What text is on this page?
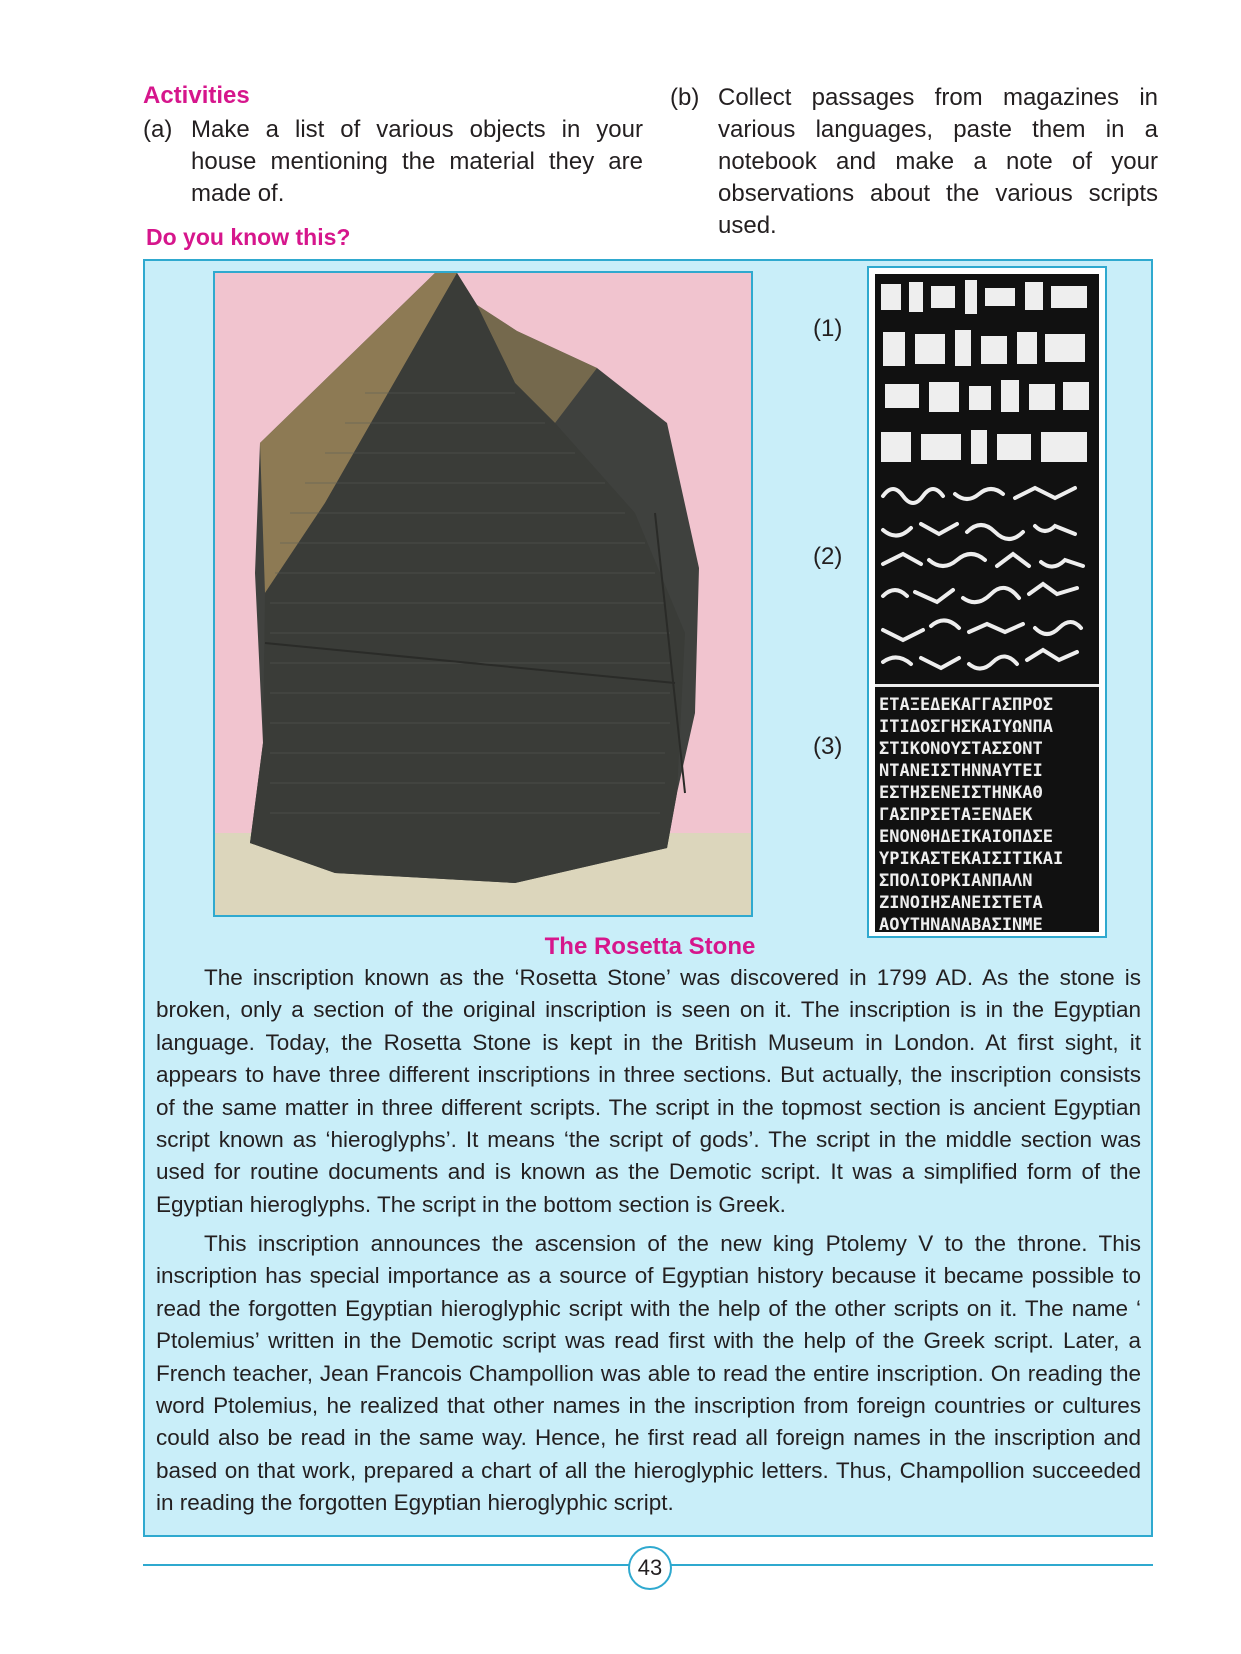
Activities
(a) Make a list of various objects in your house mentioning the material they are made of.
(b) Collect passages from magazines in various languages, paste them in a notebook and make a note of your observations about the various scripts used.
Do you know this?
ΕΤΑΞΕΔΕΚΑΓΓΑΣΠΡΟΣ
ΙΤΙΔΟΣΓΗΣΚΑΙΥΩΝΠΑ
ΣΤΙΚΟΝΟΥΣΤΑΣΣΟΝΤ
ΝΤΑΝΕΙΣΤΗΝΝΑΥΤΕΙ
ΕΣΤΗΣΕΝΕΙΣΤΗΝΚΑΘ
ΓΑΣΠΡΣΕΤΑΞΕΝΔΕΚ
ΕΝΟΝΘΗΔΕΙΚΑΙΟΠΔΣΕ
ΥΡΙΚΑΣΤΕΚΑΙΣΙΤΙΚΑΙ
ΣΠΟΛΙΟΡΚΙΑΝΠΑΛΝ
ΖΙΝΟΙΗΣΑΝΕΙΣΤΕΤΑ
ΑΟΥΤΗΝΑΝΑΒΑΣΙΝΜΕ
(1)
(2)
(3)
The Rosetta Stone

The inscription known as the ‘Rosetta Stone’ was discovered in 1799 AD. As the stone is broken, only a section of the original inscription is seen on it. The inscription is in the Egyptian language. Today, the Rosetta Stone is kept in the British Museum in London. At first sight, it appears to have three different inscriptions in three sections. But actually, the inscription consists of the same matter in three different scripts. The script in the topmost section is ancient Egyptian script known as ‘hieroglyphs’. It means ‘the script of gods’. The script in the middle section was used for routine documents and is known as the Demotic script. It was a simplified form of the Egyptian hieroglyphs. The script in the bottom section is Greek.

This inscription announces the ascension of the new king Ptolemy V to the throne. This inscription has special importance as a source of Egyptian history because it became possible to read the forgotten Egyptian hieroglyphic script with the help of the other scripts on it. The name ‘ Ptolemius’ written in the Demotic script was read first with the help of the Greek script. Later, a French teacher, Jean Francois Champollion was able to read the entire inscription. On reading the word Ptolemius, he realized that other names in the inscription from foreign countries or cultures could also be read in the same way. Hence, he first read all foreign names in the inscription and based on that work, prepared a chart of all the hieroglyphic letters. Thus, Champollion succeeded in reading the forgotten Egyptian hieroglyphic script.

43
